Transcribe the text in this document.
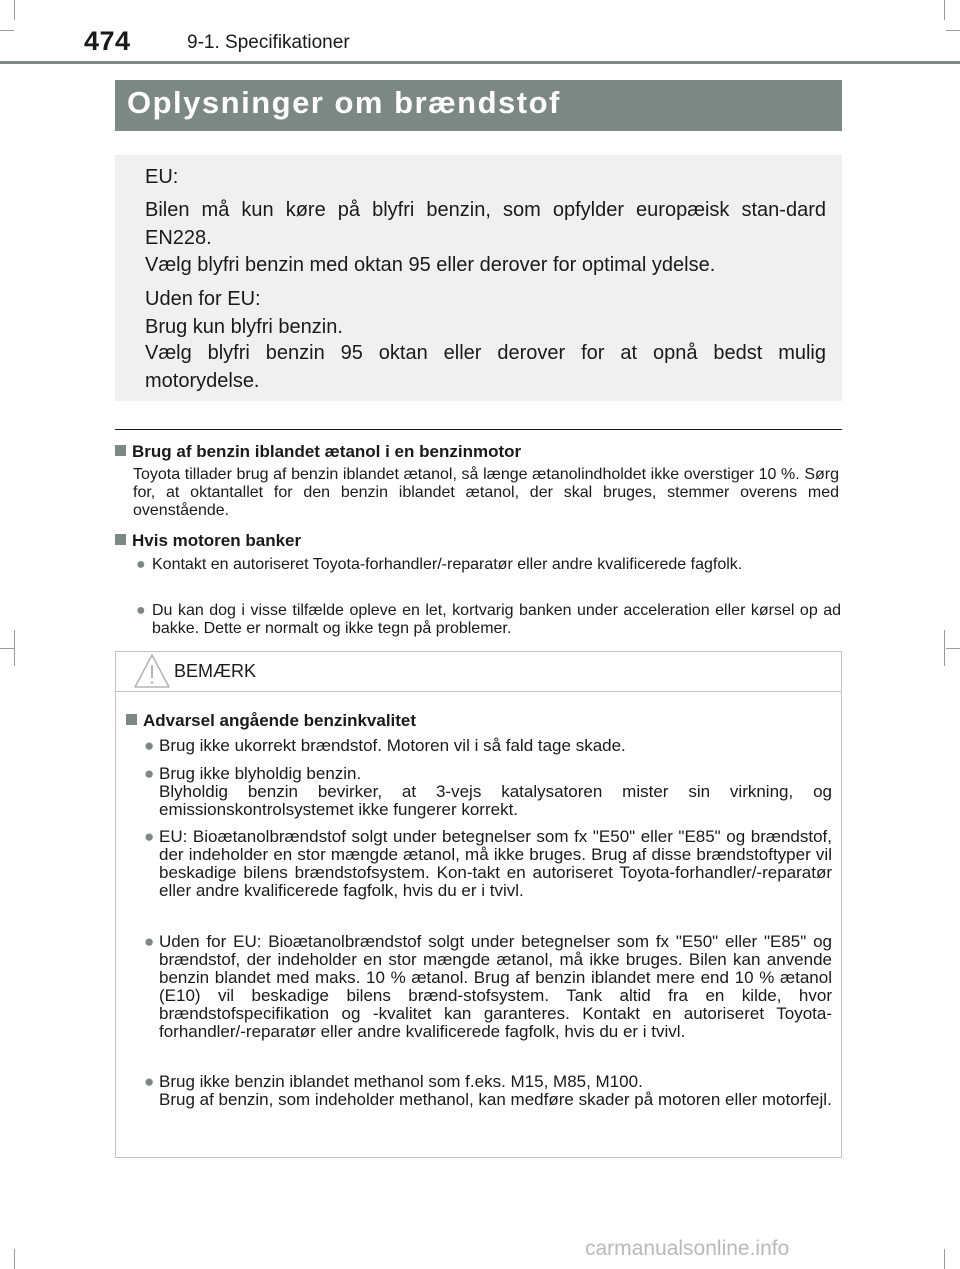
474	9-1. Specifikationer
Oplysninger om brændstof
EU:
Bilen må kun køre på blyfri benzin, som opfylder europæisk stan-dard EN228.
Vælg blyfri benzin med oktan 95 eller derover for optimal ydelse.
Uden for EU:
Brug kun blyfri benzin.
Vælg blyfri benzin 95 oktan eller derover for at opnå bedst mulig motorydelse.
Brug af benzin iblandet ætanol i en benzinmotor
Toyota tillader brug af benzin iblandet ætanol, så længe ætanolindholdet ikke overstiger 10 %. Sørg for, at oktantallet for den benzin iblandet ætanol, der skal bruges, stemmer overens med ovenstående.
Hvis motoren banker
● Kontakt en autoriseret Toyota-forhandler/-reparatør eller andre kvalificerede fagfolk.
● Du kan dog i visse tilfælde opleve en let, kortvarig banken under acceleration eller kørsel op ad bakke. Dette er normalt og ikke tegn på problemer.
BEMÆRK
Advarsel angående benzinkvalitet
● Brug ikke ukorrekt brændstof. Motoren vil i så fald tage skade.
● Brug ikke blyholdig benzin.
Blyholdig benzin bevirker, at 3-vejs katalysatoren mister sin virkning, og emissionskontrolsystemet ikke fungerer korrekt.
● EU: Bioætanolbrændstof solgt under betegnelser som fx "E50" eller "E85" og brændstof, der indeholder en stor mængde ætanol, må ikke bruges. Brug af disse brændstoftyper vil beskadige bilens brændstofsystem. Kon-takt en autoriseret Toyota-forhandler/-reparatør eller andre kvalificerede fagfolk, hvis du er i tvivl.
● Uden for EU: Bioætanolbrændstof solgt under betegnelser som fx "E50" eller "E85" og brændstof, der indeholder en stor mængde ætanol, må ikke bruges. Bilen kan anvende benzin blandet med maks. 10 % ætanol. Brug af benzin iblandet mere end 10 % ætanol (E10) vil beskadige bilens brænd-stofsystem. Tank altid fra en kilde, hvor brændstofspecifikation og -kvalitet kan garanteres. Kontakt en autoriseret Toyota-forhandler/-reparatør eller andre kvalificerede fagfolk, hvis du er i tvivl.
● Brug ikke benzin iblandet methanol som f.eks. M15, M85, M100.
Brug af benzin, som indeholder methanol, kan medføre skader på motoren eller motorfejl.
carmanualsonline.info
